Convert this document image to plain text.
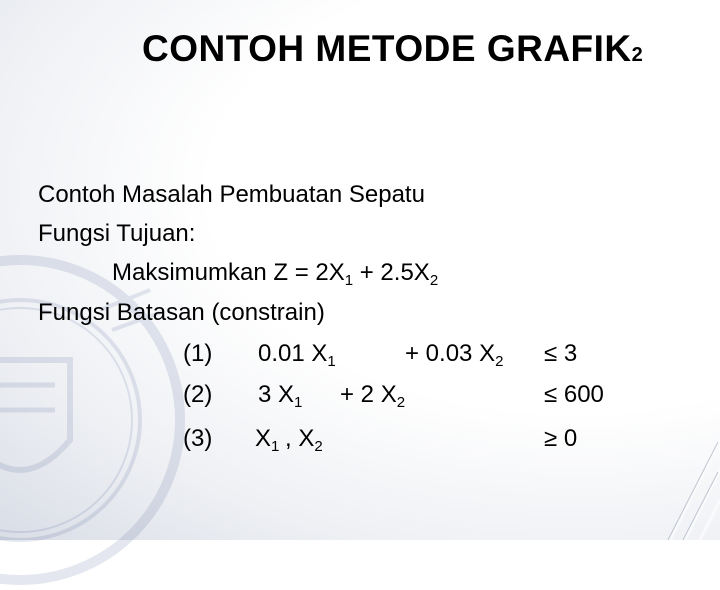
CONTOH METODE GRAFIK2
Contoh Masalah Pembuatan Sepatu
Fungsi Tujuan:
Maksimumkan $Z = 2X_1 + 2.5X_2$
Fungsi Batasan (constrain)
(1) 0.01 $X_1$	+ 0.03 $X_2 \le 3$
(2) 3 $X_1 + 2$ $X_2$	≤ 600
(3) $X_1$ , $X_2$	≥ 0
